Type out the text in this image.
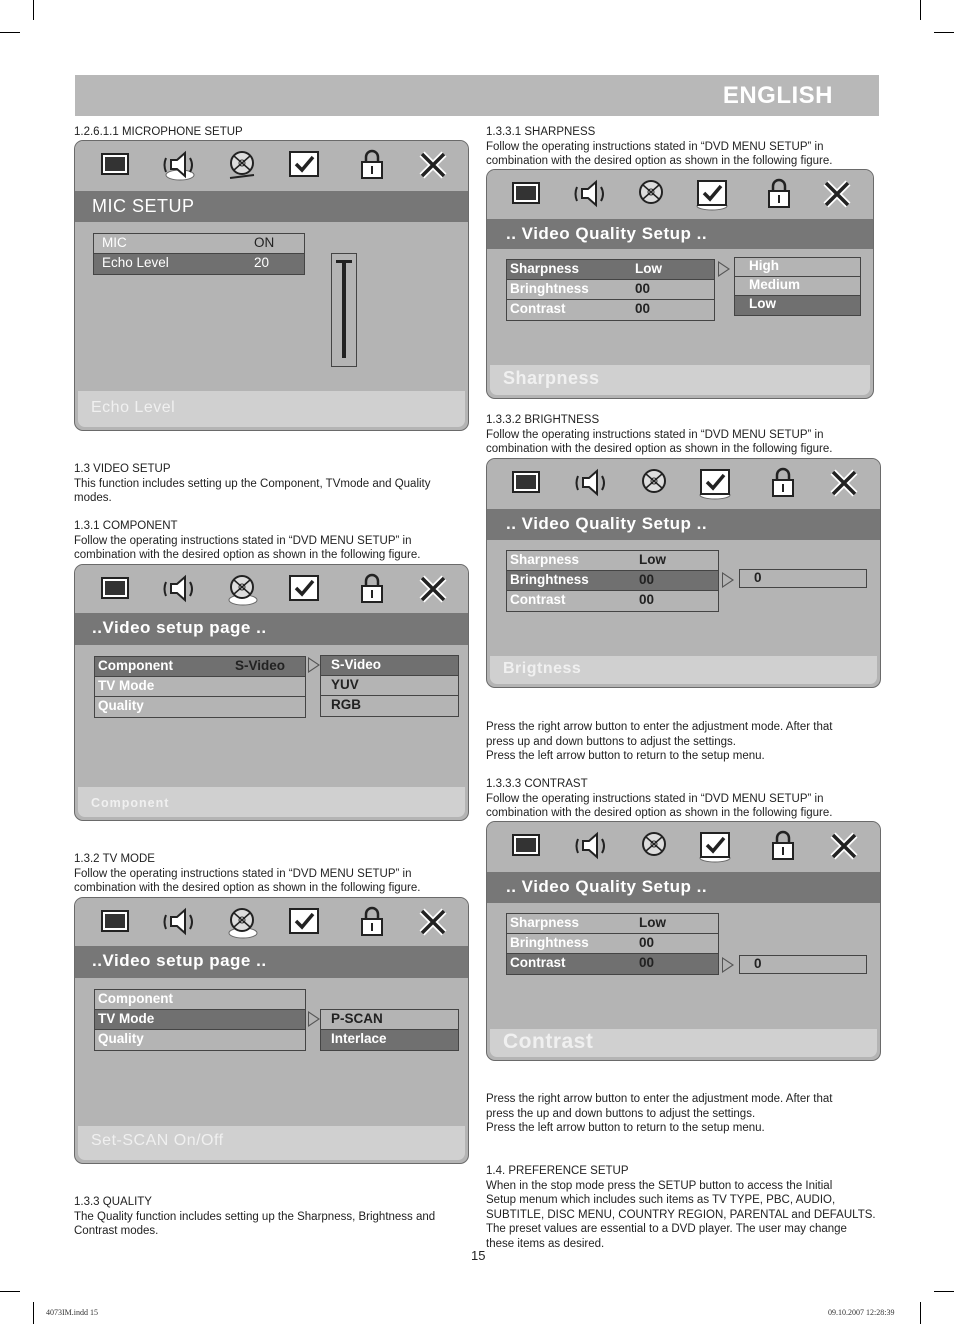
ENGLISH
1.2.6.1.1 MICROPHONE SETUP
MIC SETUP
MIC	ON
Echo Level	20
Echo Level
1.3 VIDEO SETUP
This function includes setting up the Component, TVmode and Quality
modes.
1.3.1 COMPONENT
Follow the operating instructions stated in “DVD MENU SETUP” in
combination with the desired option as shown in the following figure.
..Video setup page ..
Component	S-Video
TV Mode
Quality
S-Video
YUV
RGB
Component
1.3.2 TV MODE
Follow the operating instructions stated in “DVD MENU SETUP” in
combination with the desired option as shown in the following figure.
..Video setup page ..
Component
TV Mode
Quality
P-SCAN
Interlace
Set-SCAN On/Off
1.3.3 QUALITY
The Quality function includes setting up the Sharpness, Brightness and
Contrast modes.
1.3.3.1 SHARPNESS
Follow the operating instructions stated in “DVD MENU SETUP” in
combination with the desired option as shown in the following figure.
.. Video Quality Setup ..
Sharpness	Low
Bringhtness	00
Contrast	00
High
Medium
Low
Sharpness
1.3.3.2 BRIGHTNESS
Follow the operating instructions stated in “DVD MENU SETUP” in
combination with the desired option as shown in the following figure.
.. Video Quality Setup ..
Sharpness	Low
Bringhtness	00
Contrast	00
0
Brigtness
Press the right arrow button to enter the adjustment mode. After that
press up and down buttons to adjust the settings.
Press the left arrow button to return to the setup menu.
1.3.3.3 CONTRAST
Follow the operating instructions stated in “DVD MENU SETUP” in
combination with the desired option as shown in the following figure.
.. Video Quality Setup ..
Sharpness	Low
Bringhtness	00
Contrast	00	0
Contrast
Press the right arrow button to enter the adjustment mode. After that
press the up and down buttons to adjust the settings.
Press the left arrow button to return to the setup menu.
1.4. PREFERENCE SETUP
When in the stop mode press the SETUP button to access the Initial
Setup menum which includes such items as TV TYPE, PBC, AUDIO,
SUBTITLE, DISC MENU, COUNTRY REGION, PARENTAL and DEFAULTS.
The preset values are essential to a DVD player. The user may change
these items as desired.
15
4073IM.indd 15	09.10.2007 12:28:39
